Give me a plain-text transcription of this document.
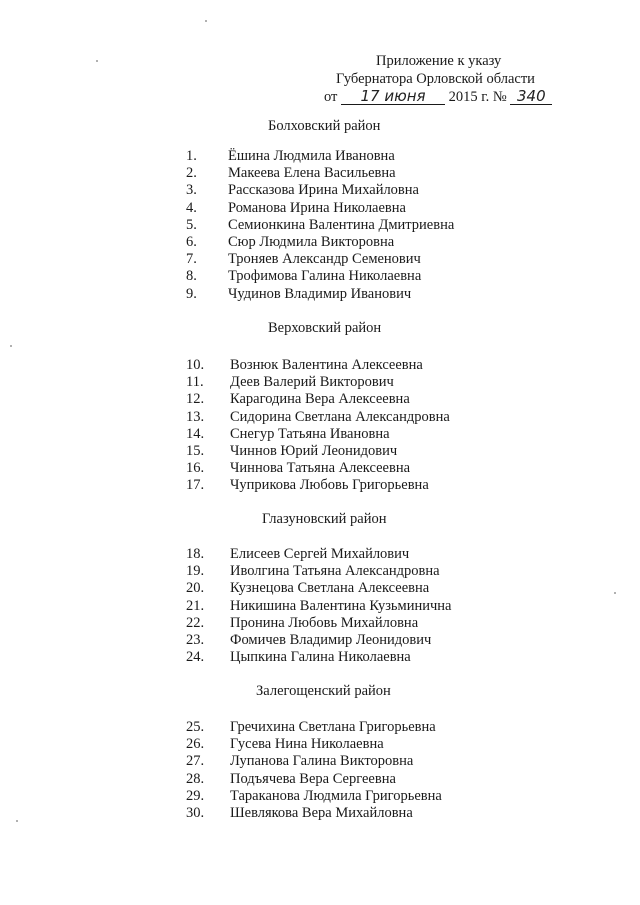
Приложение к указу
Губернатора Орловской области
от 17 июня 2015 г. № 340
Болховский район
1.	Ёшина Людмила Ивановна
2.	Макеева Елена Васильевна
3.	Рассказова Ирина Михайловна
4.	Романова Ирина Николаевна
5.	Семионкина Валентина Дмитриевна
6.	Сюр Людмила Викторовна
7.	Троняев Александр Семенович
8.	Трофимова Галина Николаевна
9.	Чудинов Владимир Иванович
Верховский район
10.	Вознюк Валентина Алексеевна
11.	Деев Валерий Викторович
12.	Карагодина Вера Алексеевна
13.	Сидорина Светлана Александровна
14.	Снегур Татьяна Ивановна
15.	Чиннов Юрий Леонидович
16.	Чиннова Татьяна Алексеевна
17.	Чуприкова Любовь Григорьевна
Глазуновский район
18.	Елисеев Сергей Михайлович
19.	Иволгина Татьяна Александровна
20.	Кузнецова Светлана Алексеевна
21.	Никишина Валентина Кузьминична
22.	Пронина Любовь Михайловна
23.	Фомичев Владимир Леонидович
24.	Цыпкина Галина Николаевна
Залегощенский район
25.	Гречихина Светлана Григорьевна
26.	Гусева Нина Николаевна
27.	Лупанова Галина Викторовна
28.	Подъячева Вера Сергеевна
29.	Тараканова Людмила Григорьевна
30.	Шевлякова Вера Михайловна
